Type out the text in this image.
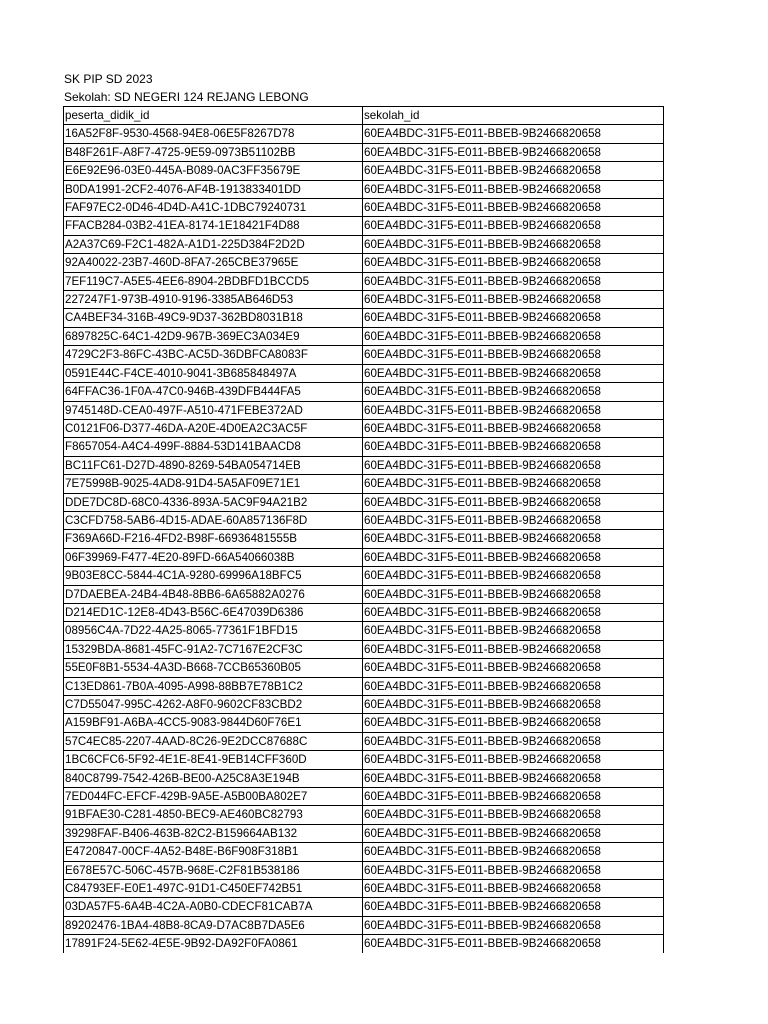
SK PIP SD 2023
Sekolah: SD NEGERI 124 REJANG LEBONG
peserta_didik_id	sekolah_id
16A52F8F-9530-4568-94E8-06E5F8267D78	60EA4BDC-31F5-E011-BBEB-9B2466820658
B48F261F-A8F7-4725-9E59-0973B51102BB	60EA4BDC-31F5-E011-BBEB-9B2466820658
E6E92E96-03E0-445A-B089-0AC3FF35679E	60EA4BDC-31F5-E011-BBEB-9B2466820658
B0DA1991-2CF2-4076-AF4B-1913833401DD	60EA4BDC-31F5-E011-BBEB-9B2466820658
FAF97EC2-0D46-4D4D-A41C-1DBC79240731	60EA4BDC-31F5-E011-BBEB-9B2466820658
FFACB284-03B2-41EA-8174-1E18421F4D88	60EA4BDC-31F5-E011-BBEB-9B2466820658
A2A37C69-F2C1-482A-A1D1-225D384F2D2D	60EA4BDC-31F5-E011-BBEB-9B2466820658
92A40022-23B7-460D-8FA7-265CBE37965E	60EA4BDC-31F5-E011-BBEB-9B2466820658
7EF119C7-A5E5-4EE6-8904-2BDBFD1BCCD5	60EA4BDC-31F5-E011-BBEB-9B2466820658
227247F1-973B-4910-9196-3385AB646D53	60EA4BDC-31F5-E011-BBEB-9B2466820658
CA4BEF34-316B-49C9-9D37-362BD8031B18	60EA4BDC-31F5-E011-BBEB-9B2466820658
6897825C-64C1-42D9-967B-369EC3A034E9	60EA4BDC-31F5-E011-BBEB-9B2466820658
4729C2F3-86FC-43BC-AC5D-36DBFCA8083F	60EA4BDC-31F5-E011-BBEB-9B2466820658
0591E44C-F4CE-4010-9041-3B685848497A	60EA4BDC-31F5-E011-BBEB-9B2466820658
64FFAC36-1F0A-47C0-946B-439DFB444FA5	60EA4BDC-31F5-E011-BBEB-9B2466820658
9745148D-CEA0-497F-A510-471FEBE372AD	60EA4BDC-31F5-E011-BBEB-9B2466820658
C0121F06-D377-46DA-A20E-4D0EA2C3AC5F	60EA4BDC-31F5-E011-BBEB-9B2466820658
F8657054-A4C4-499F-8884-53D141BAACD8	60EA4BDC-31F5-E011-BBEB-9B2466820658
BC11FC61-D27D-4890-8269-54BA054714EB	60EA4BDC-31F5-E011-BBEB-9B2466820658
7E75998B-9025-4AD8-91D4-5A5AF09E71E1	60EA4BDC-31F5-E011-BBEB-9B2466820658
DDE7DC8D-68C0-4336-893A-5AC9F94A21B2	60EA4BDC-31F5-E011-BBEB-9B2466820658
C3CFD758-5AB6-4D15-ADAE-60A857136F8D	60EA4BDC-31F5-E011-BBEB-9B2466820658
F369A66D-F216-4FD2-B98F-66936481555B	60EA4BDC-31F5-E011-BBEB-9B2466820658
06F39969-F477-4E20-89FD-66A54066038B	60EA4BDC-31F5-E011-BBEB-9B2466820658
9B03E8CC-5844-4C1A-9280-69996A18BFC5	60EA4BDC-31F5-E011-BBEB-9B2466820658
D7DAEBEA-24B4-4B48-8BB6-6A65882A0276	60EA4BDC-31F5-E011-BBEB-9B2466820658
D214ED1C-12E8-4D43-B56C-6E47039D6386	60EA4BDC-31F5-E011-BBEB-9B2466820658
08956C4A-7D22-4A25-8065-77361F1BFD15	60EA4BDC-31F5-E011-BBEB-9B2466820658
15329BDA-8681-45FC-91A2-7C7167E2CF3C	60EA4BDC-31F5-E011-BBEB-9B2466820658
55E0F8B1-5534-4A3D-B668-7CCB65360B05	60EA4BDC-31F5-E011-BBEB-9B2466820658
C13ED861-7B0A-4095-A998-88BB7E78B1C2	60EA4BDC-31F5-E011-BBEB-9B2466820658
C7D55047-995C-4262-A8F0-9602CF83CBD2	60EA4BDC-31F5-E011-BBEB-9B2466820658
A159BF91-A6BA-4CC5-9083-9844D60F76E1	60EA4BDC-31F5-E011-BBEB-9B2466820658
57C4EC85-2207-4AAD-8C26-9E2DCC87688C	60EA4BDC-31F5-E011-BBEB-9B2466820658
1BC6CFC6-5F92-4E1E-8E41-9EB14CFF360D	60EA4BDC-31F5-E011-BBEB-9B2466820658
840C8799-7542-426B-BE00-A25C8A3E194B	60EA4BDC-31F5-E011-BBEB-9B2466820658
7ED044FC-EFCF-429B-9A5E-A5B00BA802E7	60EA4BDC-31F5-E011-BBEB-9B2466820658
91BFAE30-C281-4850-BEC9-AE460BC82793	60EA4BDC-31F5-E011-BBEB-9B2466820658
39298FAF-B406-463B-82C2-B159664AB132	60EA4BDC-31F5-E011-BBEB-9B2466820658
E4720847-00CF-4A52-B48E-B6F908F318B1	60EA4BDC-31F5-E011-BBEB-9B2466820658
E678E57C-506C-457B-968E-C2F81B538186	60EA4BDC-31F5-E011-BBEB-9B2466820658
C84793EF-E0E1-497C-91D1-C450EF742B51	60EA4BDC-31F5-E011-BBEB-9B2466820658
03DA57F5-6A4B-4C2A-A0B0-CDECF81CAB7A	60EA4BDC-31F5-E011-BBEB-9B2466820658
89202476-1BA4-48B8-8CA9-D7AC8B7DA5E6	60EA4BDC-31F5-E011-BBEB-9B2466820658
17891F24-5E62-4E5E-9B92-DA92F0FA0861	60EA4BDC-31F5-E011-BBEB-9B2466820658
